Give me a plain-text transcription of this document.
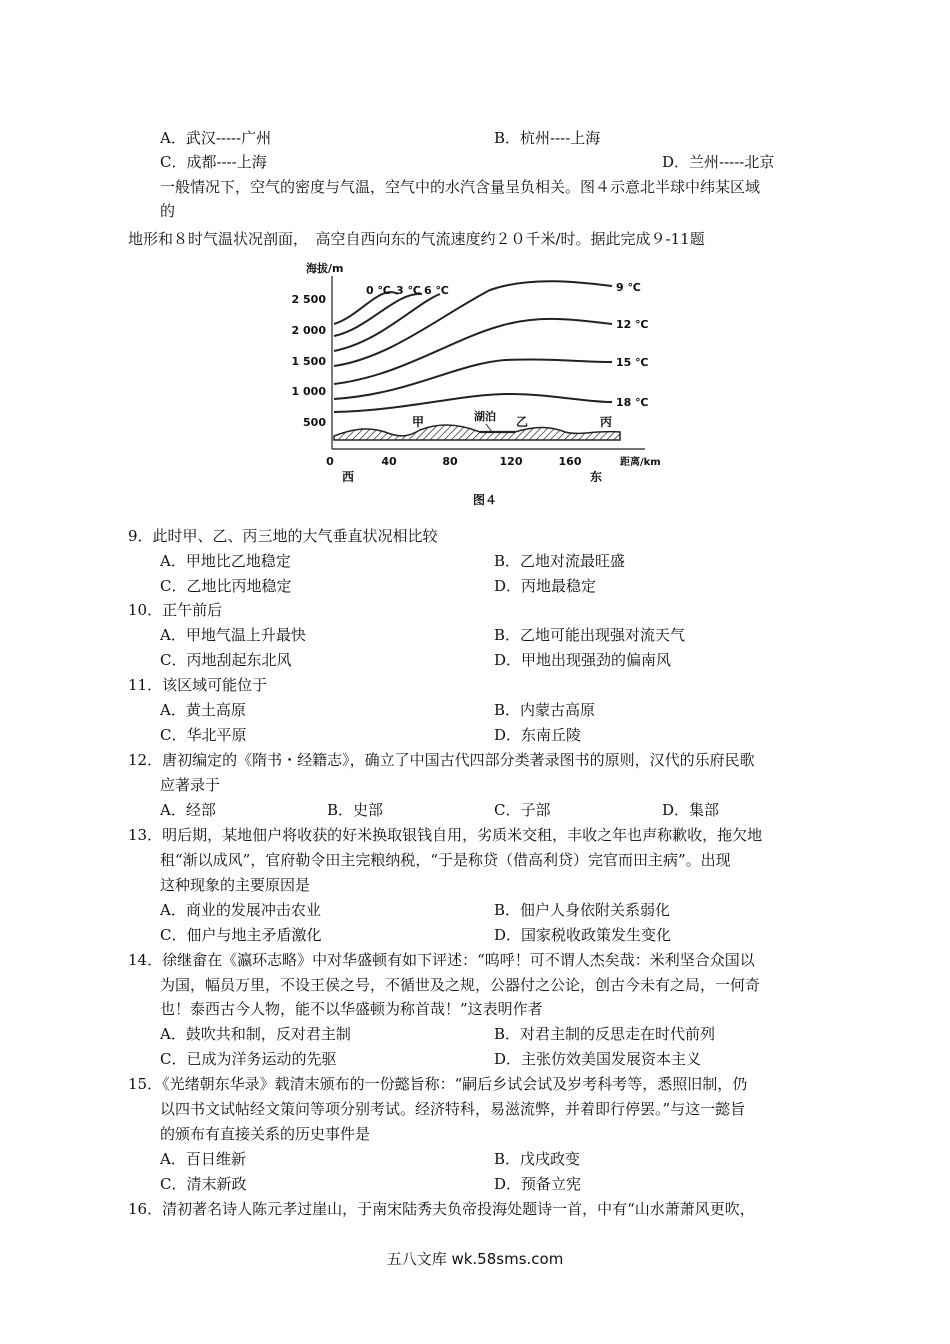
A．武汉-----广州	B．杭州----上海
C．成都----上海	D．兰州-----北京
一般情况下，空气的密度与气温，空气中的水汽含量呈负相关。图４示意北半球中纬某区域
的
地形和８时气温状况剖面，　高空自西向东的气流速度约２０千米/时。据此完成９-11题
海拔/m
2 500
2 000
1 500
1 000
500
0	40	80	120	160	距离/km
西	东
0 ℃ 3 ℃ 6 ℃	9 ℃
12 ℃
15 ℃
18 ℃
甲	湖泊 乙	丙
图４
9．此时甲、乙、丙三地的大气垂直状况相比较
A．甲地比乙地稳定	B．乙地对流最旺盛
C．乙地比丙地稳定	D．丙地最稳定
10．正午前后
A．甲地气温上升最快	B．乙地可能出现强对流天气
C．丙地刮起东北风	D．甲地出现强劲的偏南风
11．该区域可能位于
A．黄土高原	B．内蒙古高原
C．华北平原	D．东南丘陵
12．唐初编定的《隋书・经籍志》，确立了中国古代四部分类著录图书的原则，汉代的乐府民歌
应著录于
A．经部	B．史部	C．子部	D．集部
13．明后期，某地佃户将收获的好米换取银钱自用，劣质米交租，丰收之年也声称歉收，拖欠地
租“渐以成风”，官府勒令田主完粮纳税，“于是称贷（借高利贷）完官而田主病”。出现
这种现象的主要原因是
A．商业的发展冲击农业	B．佃户人身依附关系弱化
C．佃户与地主矛盾激化	D．国家税收政策发生变化
14．徐继畲在《瀛环志略》中对华盛顿有如下评述：“呜呼！可不谓人杰矣哉：米利坚合众国以
为国，幅员万里，不设王侯之号，不循世及之规，公器付之公论，创古今未有之局，一何奇
也！泰西古今人物，能不以华盛顿为称首哉！”这表明作者
A．鼓吹共和制，反对君主制	B．对君主制的反思走在时代前列
C．已成为洋务运动的先驱	D．主张仿效美国发展资本主义
15．《光绪朝东华录》载清末颁布的一份懿旨称：“嗣后乡试会试及岁考科考等，悉照旧制，仍
以四书文试帖经文策问等项分别考试。经济特科，易滋流弊，并着即行停罢。”与这一懿旨
的颁布有直接关系的历史事件是
A．百日维新	B．戊戌政变
C．清末新政	D．预备立宪
16．清初著名诗人陈元孝过崖山，于南宋陆秀夫负帝投海处题诗一首，中有“山水萧萧风更吹，
五八文库 wk.58sms.com
